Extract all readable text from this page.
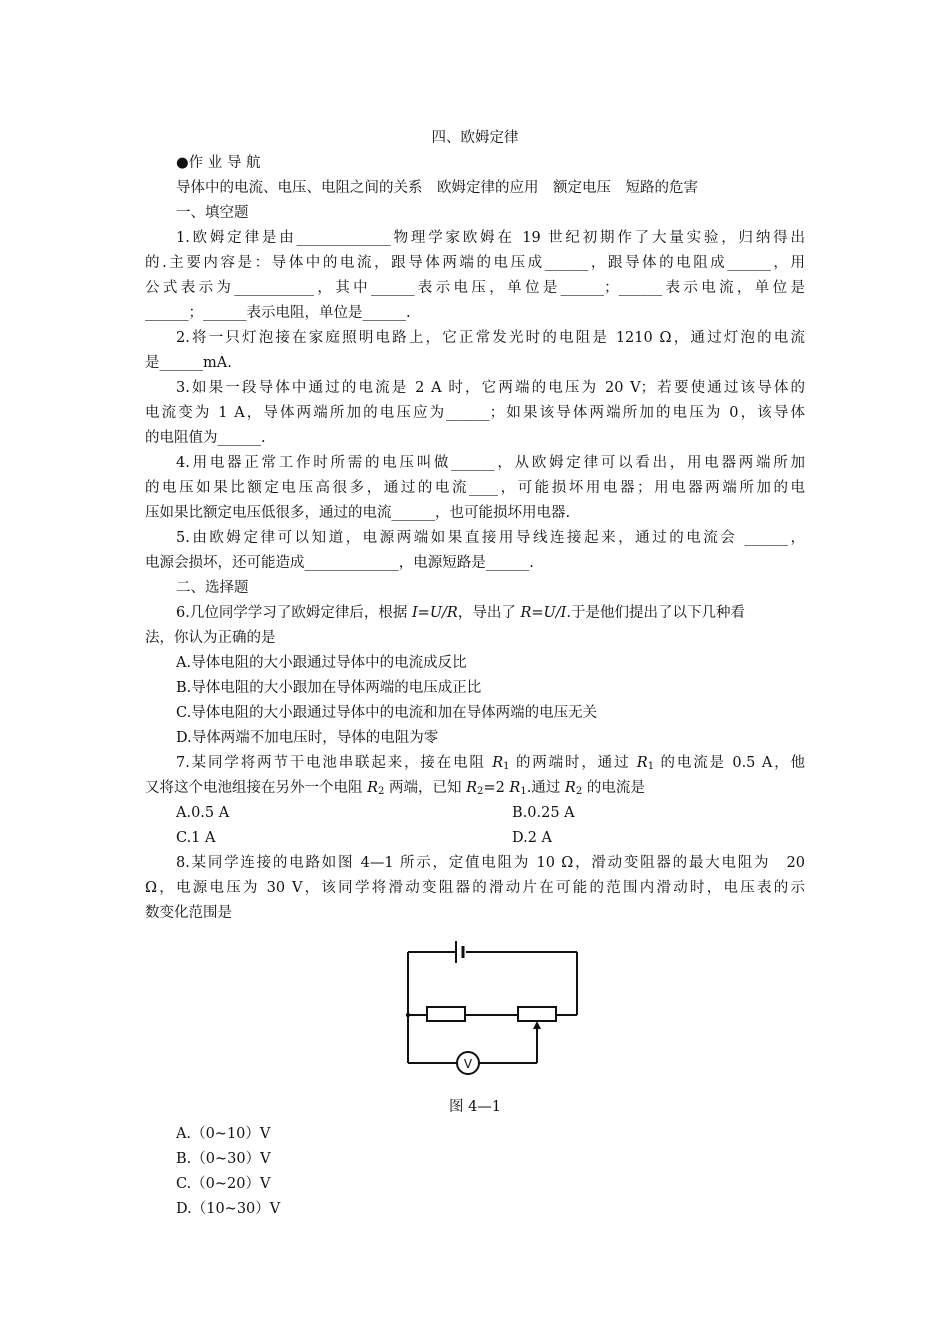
四、欧姆定律
●作 业 导 航
导体中的电流、电压、电阻之间的关系　欧姆定律的应用　额定电压　短路的危害
一、填空题
1.欧姆定律是由_____________物理学家欧姆在 19 世纪初期作了大量实验，归纳得出
的.主要内容是：导体中的电流，跟导体两端的电压成______，跟导体的电阻成______，用
公式表示为___________，其中______表示电压，单位是______；______表示电流，单位是
______；______表示电阻，单位是______.
2.将一只灯泡接在家庭照明电路上，它正常发光时的电阻是 1210 Ω，通过灯泡的电流
是______mA.
3.如果一段导体中通过的电流是 2 A 时，它两端的电压为 20 V；若要使通过该导体的
电流变为 1 A，导体两端所加的电压应为______；如果该导体两端所加的电压为 0，该导体
的电阻值为______.
4.用电器正常工作时所需的电压叫做______，从欧姆定律可以看出，用电器两端所加
的电压如果比额定电压高很多，通过的电流____，可能损坏用电器；用电器两端所加的电
压如果比额定电压低很多，通过的电流______，也可能损坏用电器.
5.由欧姆定律可以知道，电源两端如果直接用导线连接起来，通过的电流会 ______，
电源会损坏，还可能造成_____________，电源短路是______.
二、选择题
6.几位同学学习了欧姆定律后，根据 I=U/R，导出了 R=U/I.于是他们提出了以下几种看
法，你认为正确的是
A.导体电阻的大小跟通过导体中的电流成反比
B.导体电阻的大小跟加在导体两端的电压成正比
C.导体电阻的大小跟通过导体中的电流和加在导体两端的电压无关
D.导体两端不加电压时，导体的电阻为零
7.某同学将两节干电池串联起来，接在电阻 $R_1$ 的两端时，通过 $R_1$ 的电流是 0.5 A，他
又将这个电池组接在另外一个电阻 $R_2$ 两端，已知 $R_2=2$ $R_1$.通过 $R_2$ 的电流是
A.0.5 A	B.0.25 A
C.1 A	D.2 A
8.某同学连接的电路如图 4—1 所示，定值电阻为 10 Ω，滑动变阻器的最大电阻为　20
Ω，电源电压为 30 V，该同学将滑动变阻器的滑动片在可能的范围内滑动时，电压表的示
数变化范围是
V
图 4—1
A.（0~10）V
B.（0~30）V
C.（0~20）V
D.（10~30）V
